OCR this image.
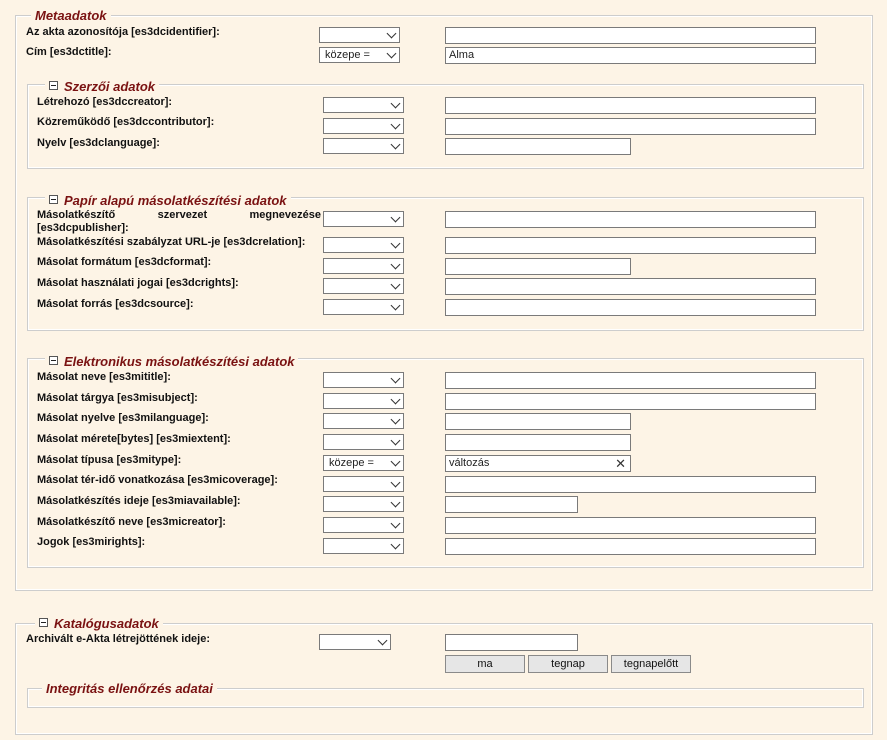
Metaadatok
Az akta azonosítója [es3dcidentifier]:
Cím [es3dctitle]:	közepe =	Alma
Szerzői adatok
Létrehozó [es3dccreator]:
Közreműködő [es3dccontributor]:
Nyelv [es3dclanguage]:
Papír alapú másolatkészítési adatok
Másolatkészítő szervezet megnevezése [es3dcpublisher]:
Másolatkészítési szabályzat URL-je [es3dcrelation]:
Másolat formátum [es3dcformat]:
Másolat használati jogai [es3dcrights]:
Másolat forrás [es3dcsource]:
Elektronikus másolatkészítési adatok
Másolat neve [es3mititle]:
Másolat tárgya [es3misubject]:
Másolat nyelve [es3milanguage]:
Másolat mérete[bytes] [es3miextent]:
Másolat típusa [es3mitype]:	közepe =	változás	✕
Másolat tér-idő vonatkozása [es3micoverage]:
Másolatkészítés ideje [es3miavailable]:
Másolatkészítő neve [es3micreator]:
Jogok [es3mirights]:
Katalógusadatok
Archivált e-Akta létrejöttének ideje:
ma	tegnap	tegnapelőtt
Integritás ellenőrzés adatai
